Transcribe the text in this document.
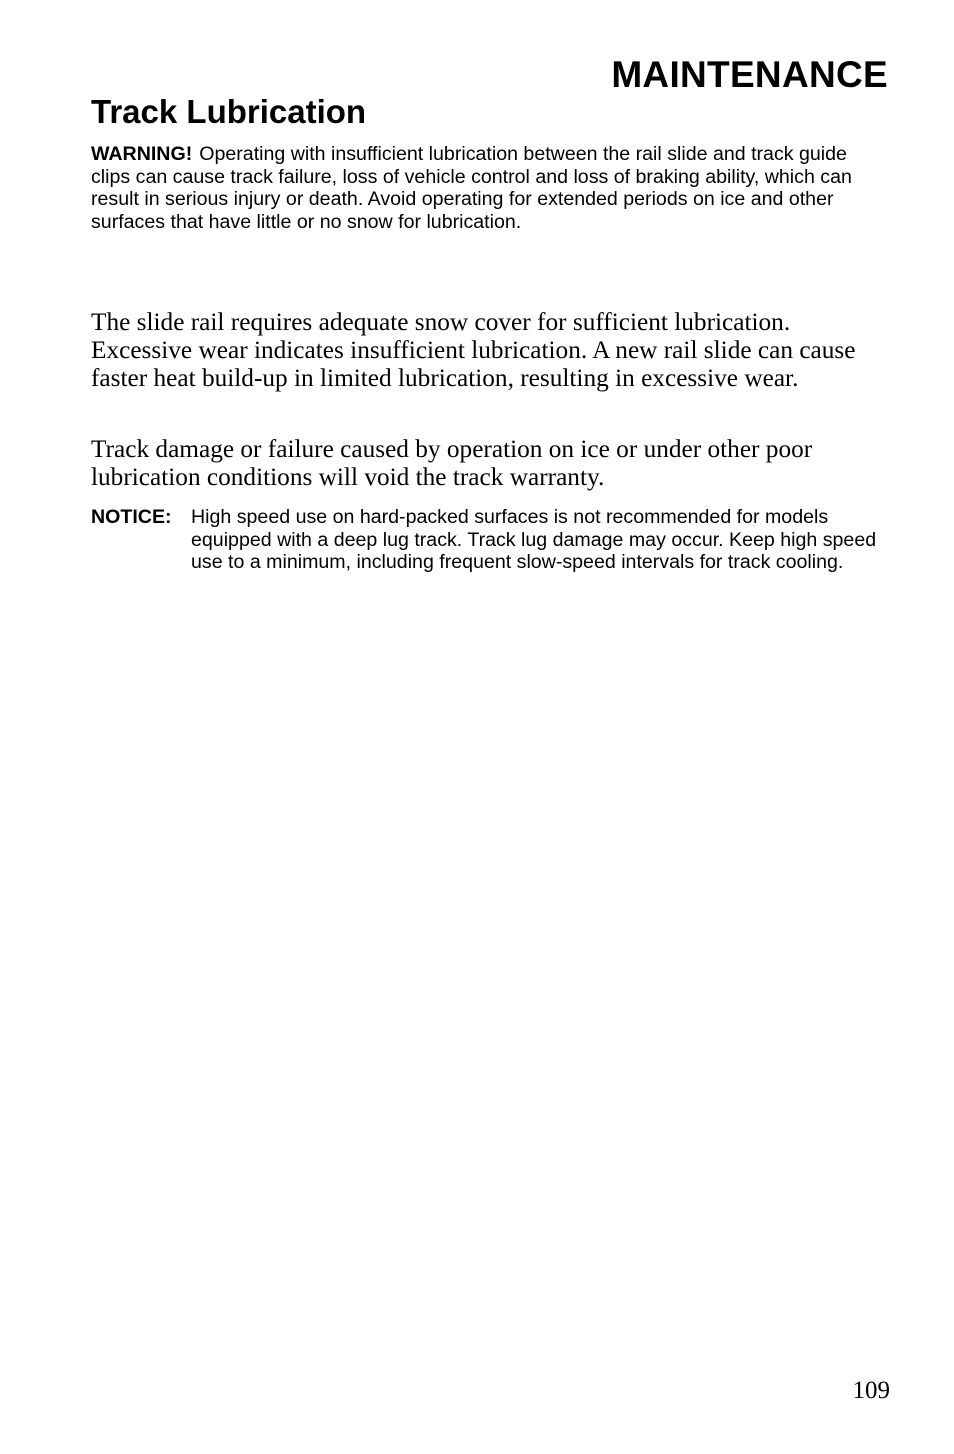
MAINTENANCE
Track Lubrication
WARNING! Operating with insufficient lubrication between the rail slide and track guide clips can cause track failure, loss of vehicle control and loss of braking ability, which can result in serious injury or death. Avoid operating for extended periods on ice and other surfaces that have little or no snow for lubrication.

The slide rail requires adequate snow cover for sufficient lubrication. Excessive wear indicates insufficient lubrication. A new rail slide can cause faster heat build-up in limited lubrication, resulting in excessive wear.

Track damage or failure caused by operation on ice or under other poor lubrication conditions will void the track warranty.

NOTICE: High speed use on hard-packed surfaces is not recommended for models equipped with a deep lug track. Track lug damage may occur. Keep high speed use to a minimum, including frequent slow-speed intervals for track cooling.
109
